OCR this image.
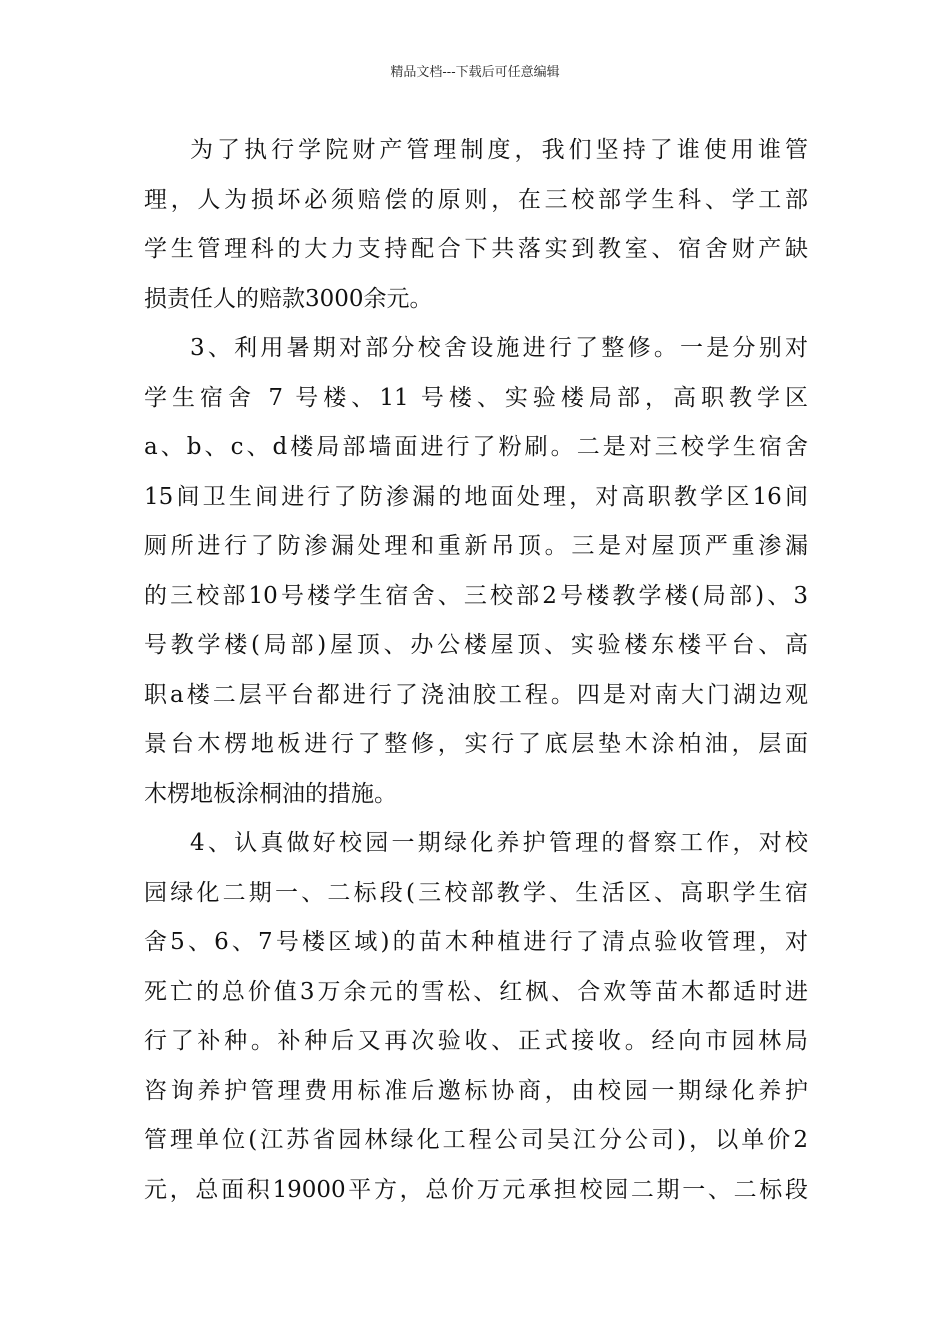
精品文档---下载后可任意编辑
为了执行学院财产管理制度，我们坚持了谁使用谁管
理，人为损坏必须赔偿的原则，在三校部学生科、学工部
学生管理科的大力支持配合下共落实到教室、宿舍财产缺
损责任人的赔款3000余元。
3、利用暑期对部分校舍设施进行了整修。一是分别对
学生宿舍 7 号楼、11 号楼、实验楼局部，高职教学区
a、b、c、d楼局部墙面进行了粉刷。二是对三校学生宿舍
15间卫生间进行了防渗漏的地面处理，对高职教学区16间
厕所进行了防渗漏处理和重新吊顶。三是对屋顶严重渗漏
的三校部10号楼学生宿舍、三校部2号楼教学楼(局部)、3
号教学楼(局部)屋顶、办公楼屋顶、实验楼东楼平台、高
职a楼二层平台都进行了浇油胶工程。四是对南大门湖边观
景台木楞地板进行了整修，实行了底层垫木涂柏油，层面
木楞地板涂桐油的措施。
4、认真做好校园一期绿化养护管理的督察工作，对校
园绿化二期一、二标段(三校部教学、生活区、高职学生宿
舍5、6、7号楼区域)的苗木种植进行了清点验收管理，对
死亡的总价值3万余元的雪松、红枫、合欢等苗木都适时进
行了补种。补种后又再次验收、正式接收。经向市园林局
咨询养护管理费用标准后邀标协商，由校园一期绿化养护
管理单位(江苏省园林绿化工程公司吴江分公司)，以单价2
元，总面积19000平方，总价万元承担校园二期一、二标段
